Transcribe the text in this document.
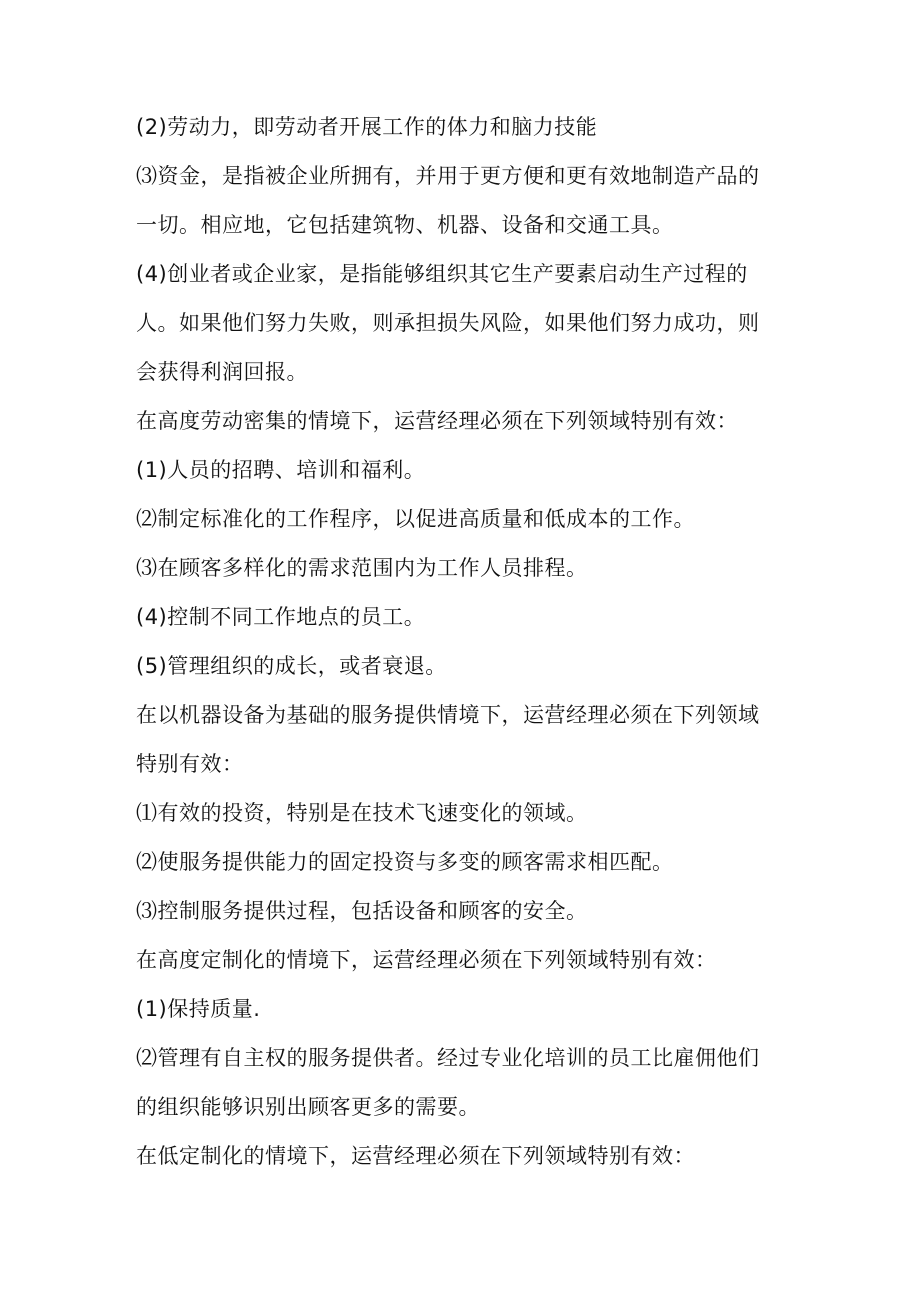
(2)劳动力，即劳动者开展工作的体力和脑力技能

⑶资金，是指被企业所拥有，并用于更方便和更有效地制造产品的

一切。相应地，它包括建筑物、机器、设备和交通工具。

(4)创业者或企业家，是指能够组织其它生产要素启动生产过程的

人。如果他们努力失败，则承担损失风险，如果他们努力成功，则

会获得利润回报。

在高度劳动密集的情境下，运营经理必须在下列领域特别有效：

(1)人员的招聘、培训和福利。

⑵制定标准化的工作程序，以促进高质量和低成本的工作。

⑶在顾客多样化的需求范围内为工作人员排程。

(4)控制不同工作地点的员工。

(5)管理组织的成长，或者衰退。

在以机器设备为基础的服务提供情境下，运营经理必须在下列领域

特别有效：

⑴有效的投资，特别是在技术飞速变化的领域。

⑵使服务提供能力的固定投资与多变的顾客需求相匹配。

⑶控制服务提供过程，包括设备和顾客的安全。

在高度定制化的情境下，运营经理必须在下列领域特别有效：

(1)保持质量.

⑵管理有自主权的服务提供者。经过专业化培训的员工比雇佣他们

的组织能够识别出顾客更多的需要。

在低定制化的情境下，运营经理必须在下列领域特别有效：
